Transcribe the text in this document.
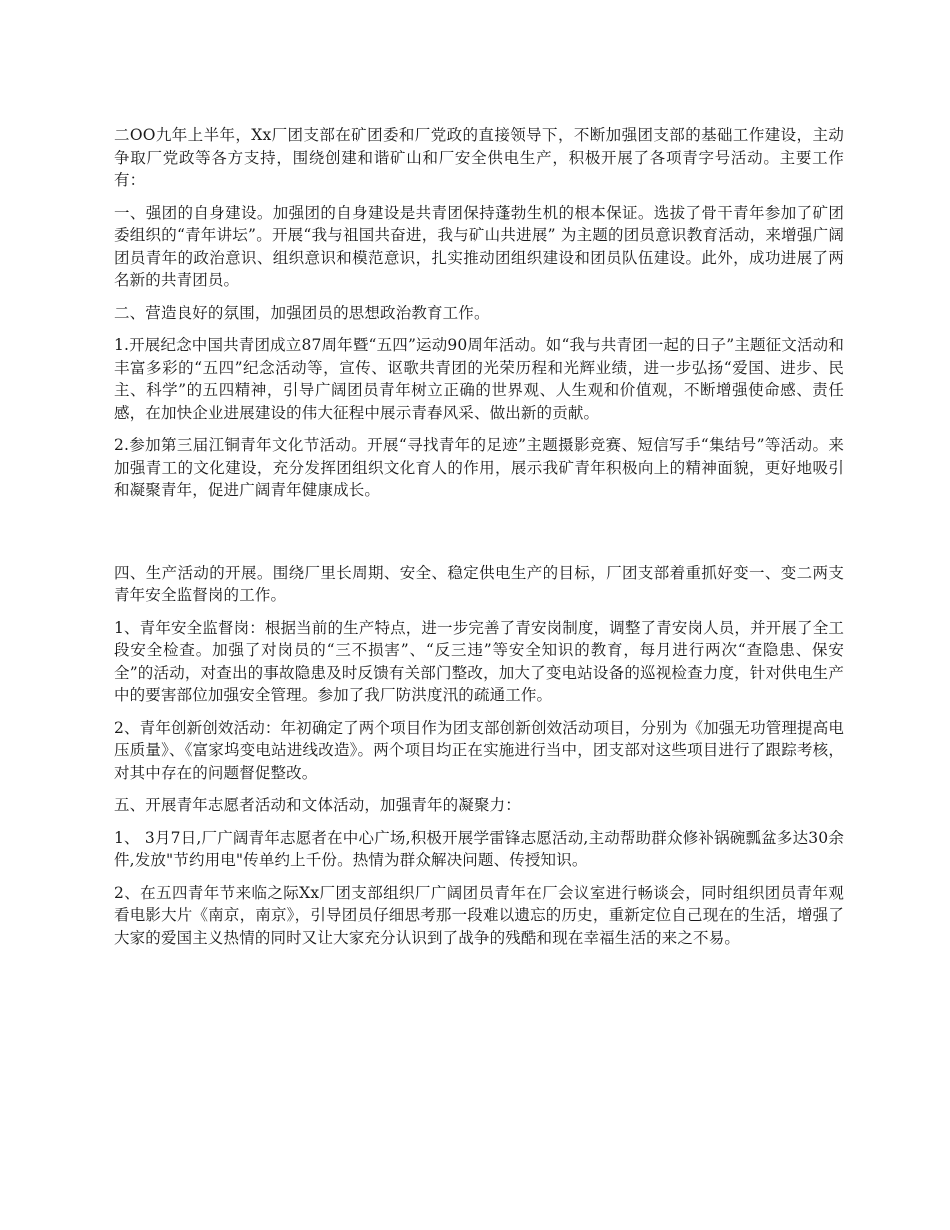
二OO九年上半年，Xx厂团支部在矿团委和厂党政的直接领导下，不断加强团支部的基础工作建设，主动争取厂党政等各方支持，围绕创建和谐矿山和厂安全供电生产，积极开展了各项青字号活动。主要工作有：

一、强团的自身建设。加强团的自身建设是共青团保持蓬勃生机的根本保证。选拔了骨干青年参加了矿团委组织的“青年讲坛”。开展“我与祖国共奋进，我与矿山共进展” 为主题的团员意识教育活动，来增强广阔团员青年的政治意识、组织意识和模范意识，扎实推动团组织建设和团员队伍建设。此外，成功进展了两名新的共青团员。

二、营造良好的氛围，加强团员的思想政治教育工作。

1.开展纪念中国共青团成立87周年暨“五四”运动90周年活动。如“我与共青团一起的日子”主题征文活动和丰富多彩的“五四”纪念活动等，宣传、讴歌共青团的光荣历程和光辉业绩，进一步弘扬“爱国、进步、民主、科学”的五四精神，引导广阔团员青年树立正确的世界观、人生观和价值观，不断增强使命感、责任感，在加快企业进展建设的伟大征程中展示青春风采、做出新的贡献。

2.参加第三届江铜青年文化节活动。开展“寻找青年的足迹”主题摄影竞赛、短信写手“集结号”等活动。来加强青工的文化建设，充分发挥团组织文化育人的作用，展示我矿青年积极向上的精神面貌，更好地吸引和凝聚青年，促进广阔青年健康成长。

四、生产活动的开展。围绕厂里长周期、安全、稳定供电生产的目标，厂团支部着重抓好变一、变二两支青年安全监督岗的工作。

1、青年安全监督岗：根据当前的生产特点，进一步完善了青安岗制度，调整了青安岗人员，并开展了全工段安全检查。加强了对岗员的“三不损害”、“反三违”等安全知识的教育，每月进行两次“查隐患、保安全”的活动，对查出的事故隐患及时反馈有关部门整改，加大了变电站设备的巡视检查力度，针对供电生产中的要害部位加强安全管理。参加了我厂防洪度汛的疏通工作。

2、青年创新创效活动：年初确定了两个项目作为团支部创新创效活动项目，分别为《加强无功管理提高电压质量》、《富家坞变电站进线改造》。两个项目均正在实施进行当中，团支部对这些项目进行了跟踪考核，对其中存在的问题督促整改。

五、开展青年志愿者活动和文体活动，加强青年的凝聚力：

1、 3月7日,厂广阔青年志愿者在中心广场,积极开展学雷锋志愿活动,主动帮助群众修补锅碗瓢盆多达30余件,发放"节约用电"传单约上千份。热情为群众解决问题、传授知识。

2、在五四青年节来临之际Xx厂团支部组织厂广阔团员青年在厂会议室进行畅谈会，同时组织团员青年观看电影大片《南京，南京》，引导团员仔细思考那一段难以遗忘的历史，重新定位自己现在的生活，增强了大家的爱国主义热情的同时又让大家充分认识到了战争的残酷和现在幸福生活的来之不易。
